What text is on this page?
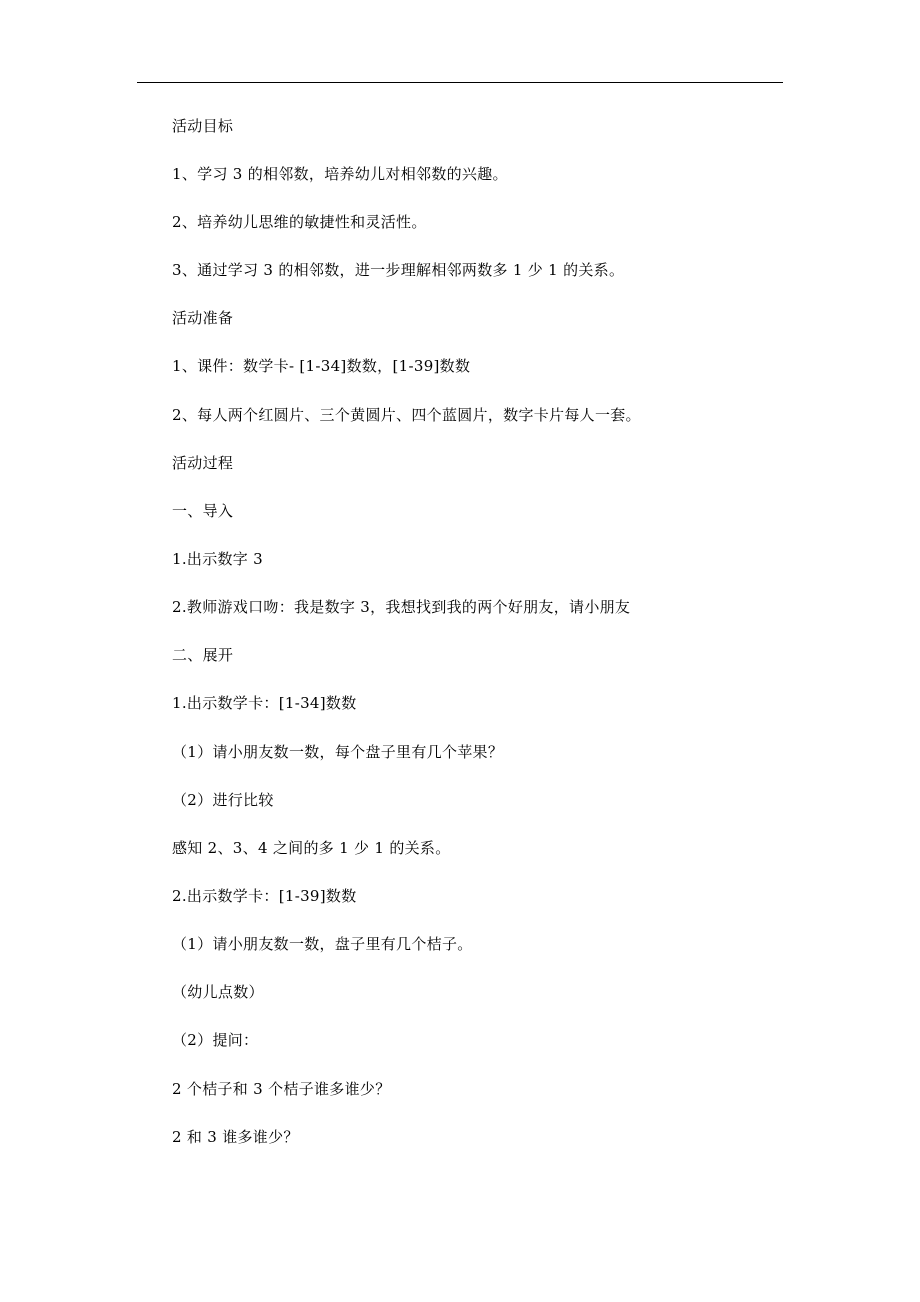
活动目标
1、学习 3 的相邻数，培养幼儿对相邻数的兴趣。
2、培养幼儿思维的敏捷性和灵活性。
3、通过学习 3 的相邻数，进一步理解相邻两数多 1 少 1 的关系。
活动准备
1、课件：数学卡- [1-34]数数，[1-39]数数
2、每人两个红圆片、三个黄圆片、四个蓝圆片，数字卡片每人一套。
活动过程
一、导入
1.出示数字 3
2.教师游戏口吻：我是数字 3，我想找到我的两个好朋友，请小朋友
二、展开
1.出示数学卡：[1-34]数数
（1）请小朋友数一数，每个盘子里有几个苹果？
（2）进行比较
感知 2、3、4 之间的多 1 少 1 的关系。
2.出示数学卡：[1-39]数数
（1）请小朋友数一数，盘子里有几个桔子。
（幼儿点数）
（2）提问：
2 个桔子和 3 个桔子谁多谁少？
2 和 3 谁多谁少？
